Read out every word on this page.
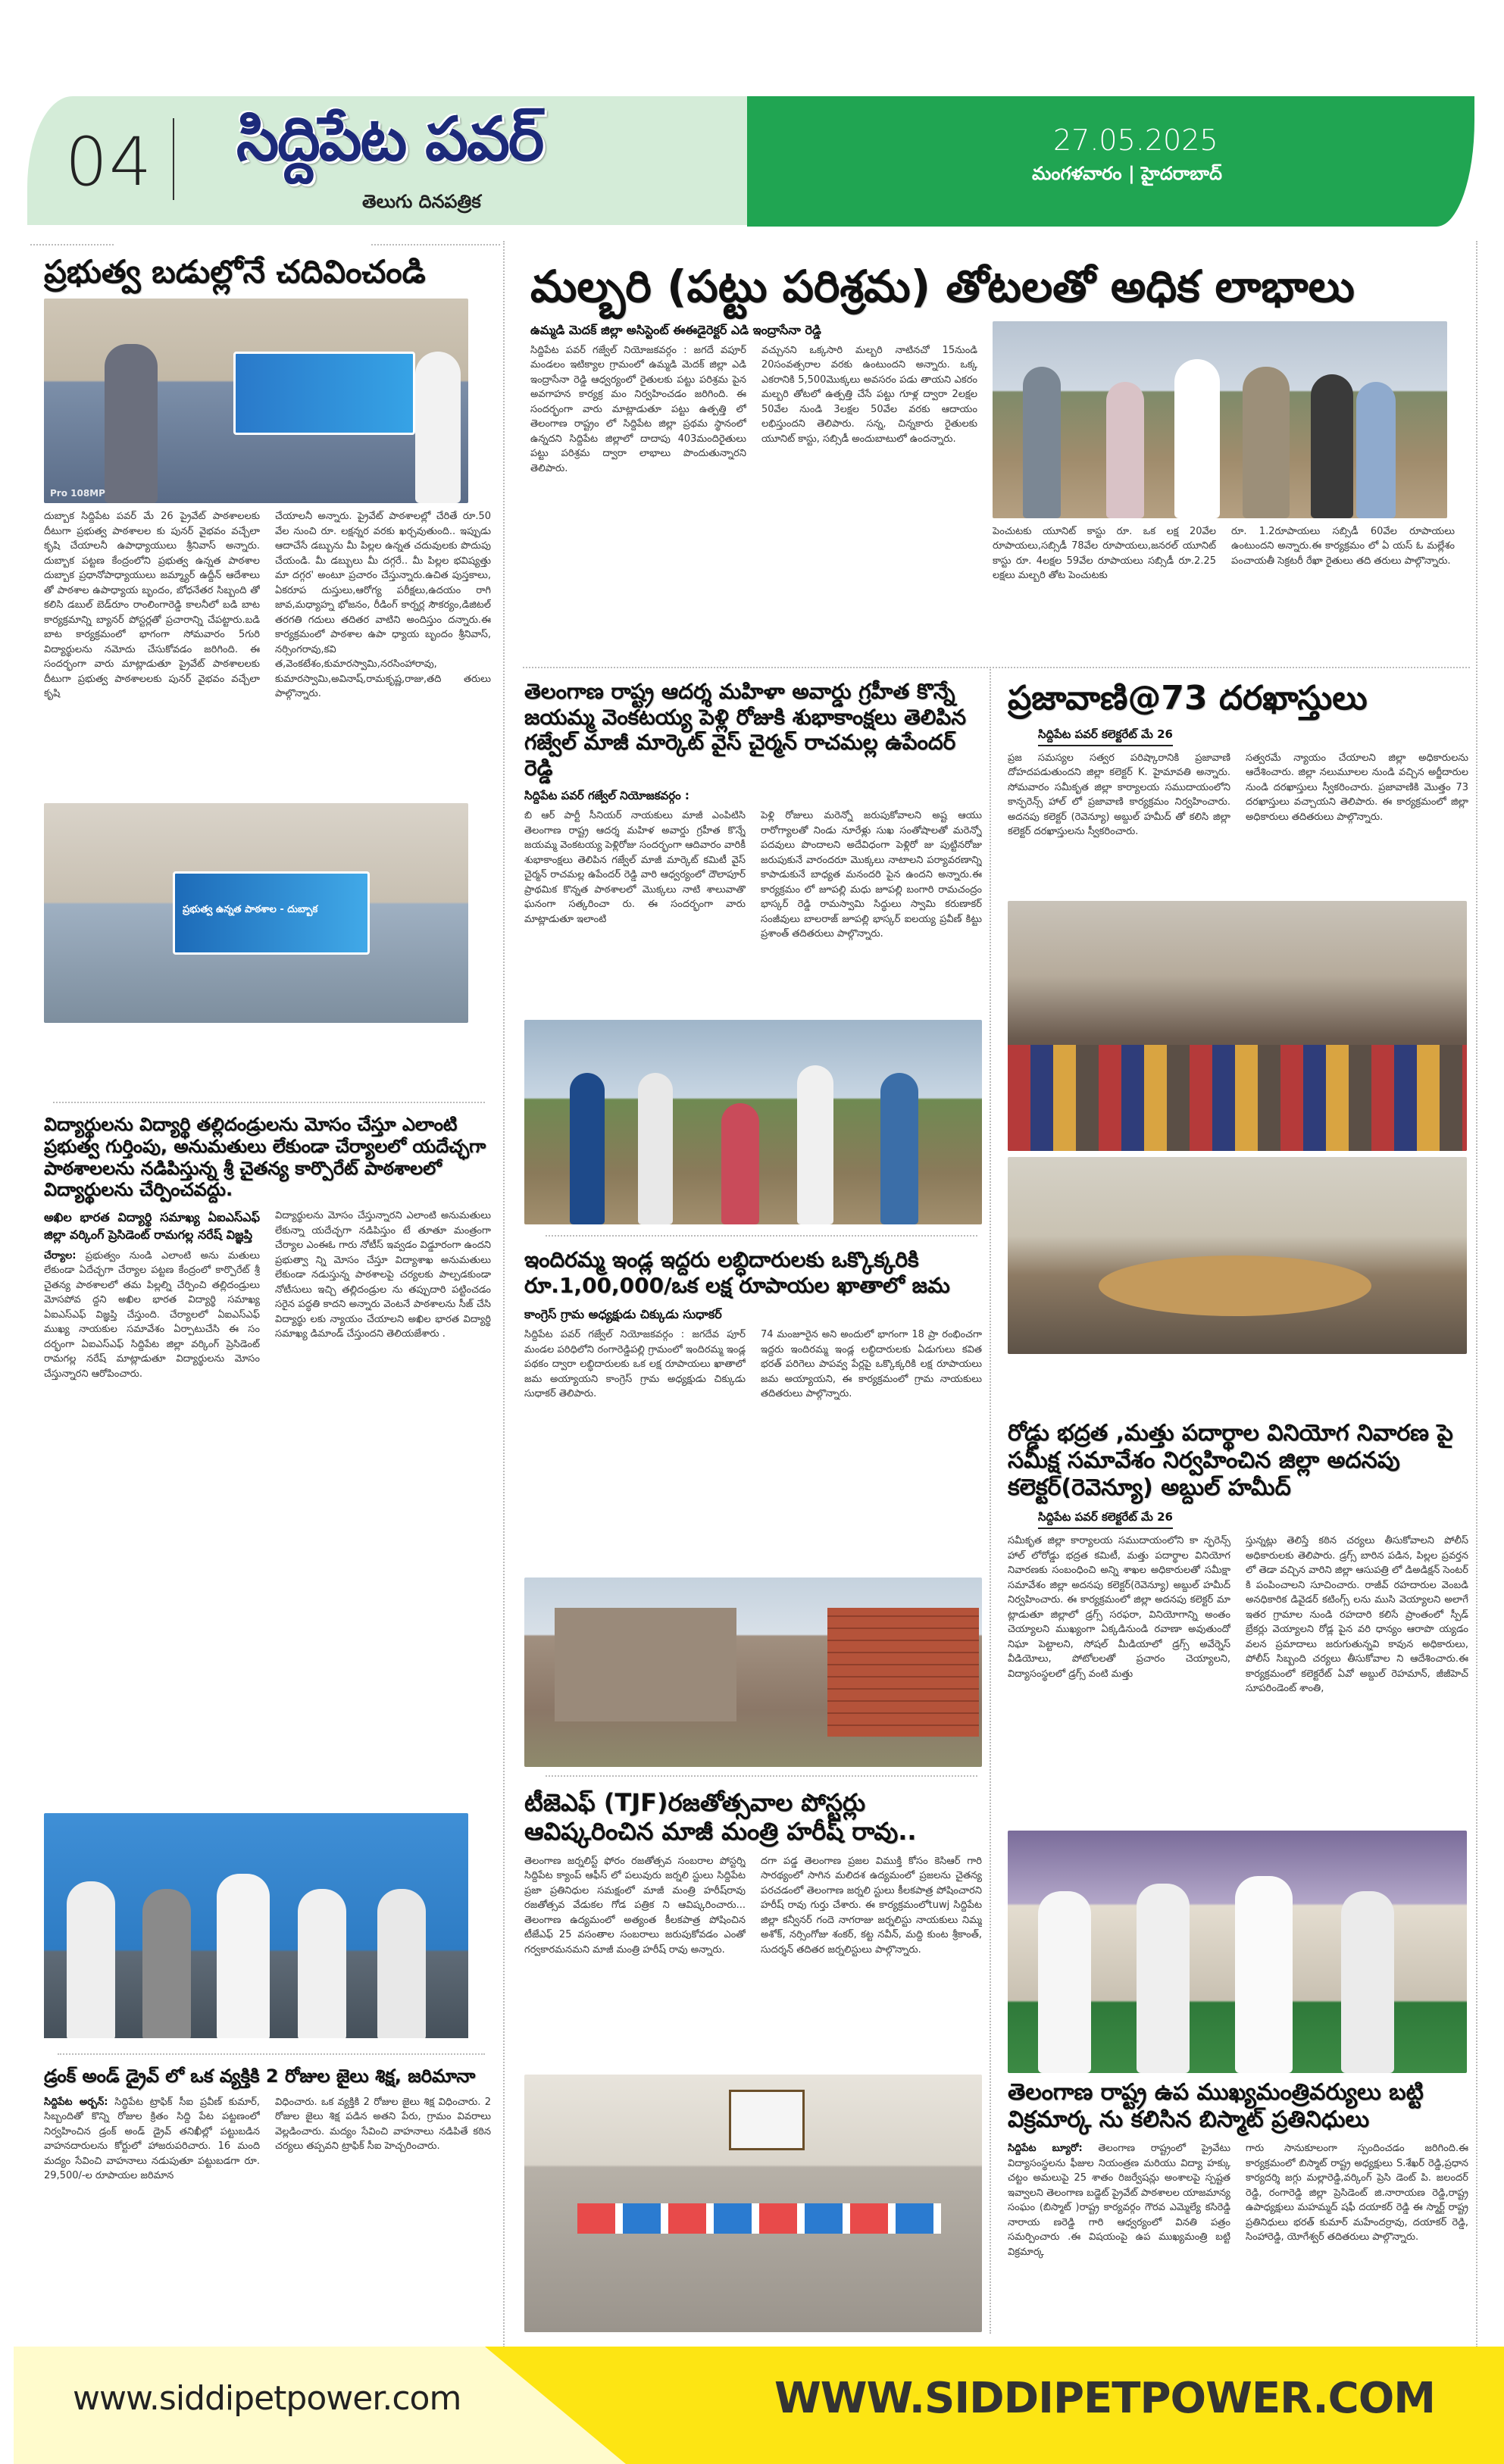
04 సిద్దిపేట పవర్
తెలుగు దినపత్రిక
27.05.2025
మంగళవారం | హైదరాబాద్
ప్రభుత్వ బడుల్లోనే చదివించండి
Pro 108MP
దుబ్బాక సిద్దిపేట పవర్ మే 26 ప్రైవేట్ పాఠశాలలకు దీటుగా ప్రభుత్వ పాఠశాలల కు పునర్ వైభవం వచ్చేలా కృషి చేయాలనీ ఉపాధ్యాయులు శ్రీనివాస్ అన్నారు. దుబ్బాక పట్టణ కేంద్రంలోని ప్రభుత్వ ఉన్నత పాఠశాల దుబ్బాక ప్రధానోపాధ్యాయులు జమ్మ్యార్ ఉద్దీన్ ఆదేశాలు తో పాఠశాల ఉపాధ్యాయ బృందం, బోధనేతర సిబ్బంది తో కలిసి డబుల్ బెడ్‌రూం రాంలింగారెడ్డి కాలనీలో బడి బాట కార్యక్రమాన్ని బ్యానర్ పోస్టర్లతో ప్రచారాన్ని చేపట్టారు.బడి బాట కార్యక్రమంలో భాగంగా సోమవారం 5గురి విద్యార్థులను నమోదు చేసుకోవడం జరిగింది. ఈ సందర్భంగా వారు మాట్లాడుతూ ప్రైవేట్ పాఠశాలలకు దీటుగా ప్రభుత్వ పాఠశాలలకు పునర్ వైభవం వచ్చేలా కృషి
చేయాలనీ అన్నారు. ప్రైవేట్ పాఠశాలల్లో చేరితే రూ.50 వేల నుంచి రూ. లక్షన్నర వరకు ఖర్చవుతుంది.. ఇప్పుడు ఆదాచేసే డబ్బును మీ పిల్లల ఉన్నత చదువులకు పొదుపు చేయండి. మీ డబ్బులు మీ దగ్గరే.. మీ పిల్లల భవిష్యత్తు మా దగ్గర' అంటూ ప్రచారం చేస్తున్నారు.ఉచిత పుస్తకాలు, ఏకరూప దుస్తులు,ఆరోగ్య పరీక్షలు,ఉదయం రాగి జావ,మధ్యాహ్న భోజనం, రీడింగ్ కార్నర్ల సౌకర్యం,డిజిటల్ తరగతి గదులు తదితర వాటిని అందిస్తుం దన్నారు.ఈ కార్యక్రమంలో పాఠశాల ఉపా ధ్యాయ బృందం శ్రీనివాస్, నర్సింగరావు,కవి త,వెంకటేశం,కుమారస్వామి,నరసింహారావు, కుమారస్వామి,అవినాష్,రామకృష్ణ,రాజు,తది తరులు పాల్గొన్నారు.
ప్రభుత్వ ఉన్నత పాఠశాల - దుబ్బాక
మల్బరి (పట్టు పరిశ్రమ) తోటలతో అధిక లాభాలు
ఉమ్మడి మెదక్ జిల్లా అసిస్టెంట్ ఈఈడైరెక్టర్ ఎడి ఇంద్రాసేనా రెడ్డి
సిద్దిపేట పవర్ గజ్వేల్ నియోజకవర్గం : జగదే వపూర్ మండలం ఇటిక్యాల గ్రామంలో ఉమ్మడి మెదక్ జిల్లా ఎడి ఇంద్రాసేనా రెడ్డి ఆధ్వర్యంలో రైతులకు పట్టు పరిశ్రమ పైన అవగాహన కార్యక్ర మం నిర్వహించడం జరిగింది. ఈ సందర్భంగా వారు మాట్లాడుతూ పట్టు ఉత్పత్తి లో తెలంగాణ రాష్ట్రం లో సిద్దిపేట జిల్లా ప్రథమ స్థానంలో ఉన్నదని సిద్దిపేట జిల్లాలో దాదాపు 403మందిరైతులు పట్టు పరిశ్రమ ద్వారా లాభాలు పొందుతున్నారని తెలిపారు.
వచ్చునని ఒక్కసారి మల్బరి నాటినచో 15నుండి 20సంవత్సరాల వరకు ఉంటుందని అన్నారు. ఒక్క ఎకరానికి 5,500మొక్కలు అవసరం పడు తాయని ఎకరం మల్బరి తోటలో ఉత్పత్తి చేసే పట్టు గూళ్ల ద్వారా 2లక్షల 50వేల నుండి 3లక్షల 50వేల వరకు ఆదాయం లభిస్తుందని తెలిపారు. సన్న, చిన్నకారు రైతులకు యూనిట్ కాస్టు, సబ్సిడీ అందుబాటులో ఉందన్నారు.
పెంచుటకు యూనిట్ కాస్టు రూ. ఒక లక్ష 20వేల రూపాయలు,సబ్సిడీ 78వేల రూపాయలు,జనరల్ యూనిట్ కాస్టు రూ. 4లక్షల 59వేల రూపాయలు సబ్సిడీ రూ.2.25 లక్షలు మల్బరి తోట పెంచుటకు
రూ. 1.2రూపాయలు సబ్సిడీ 60వేల రూపాయలు ఉంటుందని అన్నారు.ఈ కార్యక్రమం లో ఏ యస్ ఓ మల్లేశం పంచాయతీ సెక్రటరీ రేఖా రైతులు తది తరులు పాల్గొన్నారు.
తెలంగాణ రాష్ట్ర ఆదర్శ మహిళా అవార్డు గ్రహీత కొన్నే జయమ్మ వెంకటయ్య పెళ్లి రోజుకి శుభాకాంక్షలు తెలిపిన గజ్వేల్ మాజీ మార్కెట్ వైస్ చైర్మన్ రాచమల్ల ఉపేందర్ రెడ్డి
సిద్దిపేట పవర్ గజ్వేల్ నియోజకవర్గం :
బి ఆర్ పార్టీ సీనియర్ నాయకులు మాజీ ఎంపిటిసి తెలంగాణ రాష్ట్ర ఆదర్శ మహిళ అవార్డు గ్రహీత కొన్నే జయమ్మ వెంకటయ్య పెళ్లిరోజు సందర్భంగా ఆదివారం వారికీ శుభాకాంక్షలు తెలిపిన గజ్వేల్ మాజీ మార్కెట్ కమిటీ వైస్ చైర్మన్ రాచమల్ల ఉపేందర్ రెడ్డి వారి ఆధ్వర్యంలో దౌలాపూర్ ప్రాథమిక కొన్నత పాఠశాలలో మొక్కలు నాటి శాలువాతొ ఘనంగా సత్కరించా రు. ఈ సందర్భంగా వారు మాట్లాడుతూ ఇలాంటి
పెళ్లి రోజులు మరెన్నో జరుపుకోవాలని అష్ట ఆయు రారోగ్యాలతో నిండు నూరేళ్లు సుఖ సంతోషాలతో మరెన్నో పదవులు పొందాలని అదేవిధంగా పెళ్లిరో జు పుట్టినరోజు జరుపుకునే వారందరూ మొక్కలు నాటాలని పర్యావరణాన్ని కాపాడుకునే బాధ్యత మనందరి పైన ఉందని అన్నారు.ఈ కార్యక్రమం లో జూపల్లి మధు జూపల్లి బంగారి రామచంద్రం భాస్కర్ రెడ్డి రామస్వామి సిద్ధులు స్వామి కరుణాకర్ సంజీవులు బాలరాజ్ జూపల్లి భాస్కర్ ఐలయ్య ప్రవీణ్ కిట్టు ప్రశాంత్ తదితరులు పాల్గొన్నారు.
ప్రజావాణి@73 దరఖాస్తులు
సిద్దిపేట పవర్ కలెక్టరేట్ మే 26
ప్రజ సమస్యల సత్వర పరిష్కారానికి ప్రజావాణి దోహదపడుతుందని జిల్లా కలెక్టర్ K. హైమావతి అన్నారు. సోమవారం సమీకృత జిల్లా కార్యాలయ సముదాయంలోని కాన్ఫరెన్స్ హాల్ లో ప్రజావాణి కార్యక్రమం నిర్వహించారు. అదనపు కలెక్టర్ (రెవెన్యూ) అబ్దుల్ హమీద్ తో కలిసి జిల్లా కలెక్టర్ దరఖాస్తులను స్వీకరించారు.
సత్వరమే న్యాయం చేయాలని జిల్లా అధికారులను ఆదేశించారు. జిల్లా నలుమూలల నుండి వచ్చిన అర్జీదారుల నుండి దరఖాస్తులు స్వీకరించారు. ప్రజావాణికి మొత్తం 73 దరఖాస్తులు వచ్చాయని తెలిపారు. ఈ కార్యక్రమంలో జిల్లా అధికారులు తదితరులు పాల్గొన్నారు.
విద్యార్థులను విద్యార్థి తల్లిదండ్రులను మోసం చేస్తూ ఎలాంటి ప్రభుత్వ గుర్తింపు, అనుమతులు లేకుండా చేర్యాలలో యదేచ్ఛగా పాఠశాలలను నడిపిస్తున్న శ్రీ చైతన్య కార్పొరేట్ పాఠశాలలో విద్యార్థులను చేర్పించవద్దు.
అఖిల భారత విద్యార్థి సమాఖ్య ఏఐఎస్ఎఫ్ జిల్లా వర్కింగ్ ప్రెసిడెంట్ రామగల్ల నరేష్ విజ్ఞప్తి
చేర్యాల: ప్రభుత్వం నుండి ఎలాంటి అను మతులు లేకుండా ఏదేచ్ఛగా చేర్యాల పట్టణ కేంద్రంలో కార్పొరేట్ శ్రీ చైతన్య పాఠశాలలో తమ పిల్లల్ని చేర్పించి తల్లిదండ్రులు మోసపోవ ద్దని అఖిల భారత విద్యార్థి సమాఖ్య ఏఐఎస్ఎఫ్ విజ్ఞప్తి చేస్తుంది. చేర్యాలలో ఏఐఎస్ఎఫ్ ముఖ్య నాయకుల సమావేశం ఏర్పాటుచేసి ఈ సం దర్భంగా ఏఐఎస్ఎఫ్ సిద్దిపేట జిల్లా వర్కింగ్ ప్రెసిడెంట్ రామగల్ల నరేష్ మాట్లాడుతూ విద్యార్థులను మోసం చేస్తున్నారని ఆరోపించారు.
విద్యార్థులను మోసం చేస్తున్నారని ఎలాంటి అనుమతులు లేకున్నా యదేచ్ఛగా నడిపిస్తుం టే తూతూ మంత్రంగా చేర్యాల ఎంఈఓ గారు నోటీస్ ఇవ్వడం విడ్డూరంగా ఉందని ప్రభుత్వా న్ని మోసం చేస్తూ విద్యాశాఖ అనుమతులు లేకుండా నడుస్తున్న పాఠశాలపై చర్యలకు పాల్పడకుండా నోటీసులు ఇచ్చి తల్లిదండ్రుల ను తప్పుదారి పట్టించడం సరైన పద్ధతి కాదని అన్నారు వెంటనే పాఠశాలను సీజ్ చేసి విద్యార్థు లకు న్యాయం చేయాలని అఖిల భారత విద్యార్థి సమాఖ్య డిమాండ్ చేస్తుందని తెలియజేశారు .
ఇందిరమ్మ ఇండ్ల ఇద్దరు లబ్ధిదారులకు ఒక్కొక్కరికి రూ.1,00,000/ఒక లక్ష రూపాయల ఖాతాలో జమ
కాంగ్రెస్ గ్రామ అధ్యక్షుడు చిక్కుడు సుధాకర్
సిద్దిపేట పవర్ గజ్వేల్ నియోజకవర్గం : జగదేవ పూర్ మండల పరిధిలోని రంగారెడ్డిపల్లి గ్రామంలో ఇందిరమ్మ ఇండ్ల పథకం ద్వారా లబ్ధిదారులకు ఒక లక్ష రూపాయలు ఖాతాలో జమ అయ్యాయని కాంగ్రెస్ గ్రామ అధ్యక్షుడు చిక్కుడు సుధాకర్ తెలిపారు.
74 మంజూరైన అని అందులో భాగంగా 18 ప్రా రంభించగా ఇద్దరు ఇందిరమ్మ ఇండ్ల లబ్ధిదారులకు ఏడుగులు కవిత భరత్ పరిగెలు పాపవ్వ పేర్లపై ఒక్కొక్కరికి లక్ష రూపాయలు జమ అయ్యాయని, ఈ కార్యక్రమంలో గ్రామ నాయకులు తదితరులు పాల్గొన్నారు.
రోడ్డు భద్రత ,మత్తు పదార్థాల వినియోగ నివారణ పై సమీక్ష సమావేశం నిర్వహించిన జిల్లా అదనపు కలెక్టర్(రెవెన్యూ) అబ్దుల్ హమీద్
సిద్దిపేట పవర్ కలెక్టరేట్ మే 26
సమీకృత జిల్లా కార్యాలయ సముదాయంలోని కా న్ఫరెన్స్ హాల్ లోరోడ్డు భద్రత కమిటీ, మత్తు పదార్థాల వినియోగ నివారణకు సంబంధించి అన్ని శాఖల అధికారులతో సమీక్షా సమావేశం జిల్లా అదనపు కలెక్టర్(రెవెన్యూ) అబ్దుల్ హమీద్ నిర్వహించారు. ఈ కార్యక్రమంలో జిల్లా అదనపు కలెక్టర్ మా ట్లాడుతూ జిల్లాలో డ్రగ్స్ సరఫరా, వినియోగాన్ని అంతం చెయ్యాలని ముఖ్యంగా ఏక్కడినుండి రవాణా అవుతుందో నిఘా పెట్టాలని, సోషల్ మీడియాలో డ్రగ్స్ అవేర్నెస్ వీడియోలు, పోటోలలతో ప్రచారం చెయ్యాలని, విద్యాసంస్థలలో డ్రగ్స్ వంటి మత్తు
స్తున్నట్లు తెలిస్తే కఠిన చర్యలు తీసుకోవాలని పోలీస్ అధికారులకు తెలిపారు. డ్రగ్స్ బారిన పడిన, పిల్లల ప్రవర్తన లో తెడా వచ్చిన వారిని జిల్లా ఆసుపత్రి లో డిఅడిక్షన్ సెంటర్ కి పంపించాలని సూచించారు. రాజీవ్ రహదారుల వెంబడి అనధికారిక డివైడర్ కటింగ్స్ లను ముసి వెయ్యాలని అలాగే ఇతర గ్రామాల నుండి రహదారి కలిసే ప్రాంతంలో స్పీడ్ బ్రేకర్లు వెయ్యాలని రోడ్ల పైన వరి ధాన్యం ఆరాపొ య్యడం వలన ప్రమాదాలు జరుగుతున్నవి కావున అధికారులు, పోలీస్ సిబ్బంది చర్యలు తీసుకోవాల ని ఆదేశించారు.ఈ కార్యక్రమంలో కలెక్టరేట్ ఏవో అబ్దుల్ రెహమాన్, జీజీహెచ్ సూపరిండెంట్ శాంతి,
టీజెఎఫ్ (TJF)రజతోత్సవాల పోస్టర్లు ఆవిష్కరించిన మాజీ మంత్రి హరీష్ రావు..
తెలంగాణ జర్నలిస్ట్ ఫోరం రజతోత్సవ సంబరాల పోస్టర్ని సిద్దిపేట క్యాంప్ ఆఫీస్ లో పలువురు జర్నలి స్టులు సిద్దిపేట ప్రజా ప్రతినిధుల సమక్షంలో మాజీ మంత్రి హరీష్‌రావు రజతోత్సవ వేడుకల గోడ పత్రిక ని ఆవిష్కరించారు... తెలంగాణ ఉద్యమంలో అత్యంత కీలకపాత్ర పోషించిన టీజేఎఫ్ 25 వసంతాల సంబరాలు జరుపుకోవడం ఎంతో గర్వకారమనమని మాజీ మంత్రి హరీష్ రావు అన్నారు.
దగా పడ్డ తెలంగాణ ప్రజల విముక్తి కోసం కెసిఆర్ గారి సారథ్యంలో సాగిన మలిదశ ఉద్యమంలో ప్రజలను చైతన్య పరచడంలో తెలంగాణ జర్నలి స్టులు కీలకపాత్ర పోషించారని హరీష్ రావు గుర్తు చేశారు. ఈ కార్యక్రమంలోtuwj సిద్దిపేట జిల్లా కన్వీనర్ గందె నాగరాజు జర్నలిస్టు నాయకులు నిమ్మ అశోక్, నర్సింగోజు శంకర్, కట్ట నవీన్, మద్ది కుంట శ్రీకాంత్, సుదర్శన్ తదితర జర్నలిస్టులు పాల్గొన్నారు.
డ్రంక్ అండ్ డ్రైవ్ లో ఒక వ్యక్తికి 2 రోజుల జైలు శిక్ష, జరిమానా
సిద్దిపేట అర్బన్: సిద్ధిపేట ట్రాఫిక్ సీఐ ప్రవీణ్ కుమార్, సిబ్బందితో కొన్ని రోజుల క్రితం సిద్ది పేట పట్టణంలో నిర్వహించిన డ్రంక్ అండ్ డ్రైవ్ తనిఖీల్లో పట్టుబడిన వాహనదారులను కోర్టులో హాజరుపరిచారు. 16 మంది మద్యం సేవించి వాహనాలు నడుపుతూ పట్టుబడగా రూ. 29,500/-ల రూపాయల జరిమాన
విధించారు. ఒక వ్యక్తికి 2 రోజుల జైలు శిక్ష విధించారు. 2 రోజుల జైలు శిక్ష పడిన అతని పేరు, గ్రామం వివరాలు వెల్లడించారు. మద్యం సేవించి వాహనాలు నడిపితే కఠిన చర్యలు తప్పవని ట్రాఫిక్ సీఐ హెచ్చరించారు.
తెలంగాణ రాష్ట్ర ఉప ముఖ్యమంత్రివర్యులు బట్టి విక్రమార్క ను కలిసిన బిస్మాట్ ప్రతినిధులు
సిద్దిపేట బ్యూరో: తెలంగాణ రాష్ట్రంలో ప్రైవేటు విద్యాసంస్థలను ఫీజుల నియంత్రణ మరియు విద్యా హక్కు చట్టం అమలుపై 25 శాతం రిజర్వేషన్లు అంశాలపై స్పష్టత ఇవ్వాలని తెలంగాణ బడ్జెట్ ప్రైవేట్ పాఠశాలల యాజమాన్య సంఘం (బిస్మాట్ )రాష్ట్ర కార్యవర్గం గౌరవ ఎమ్మెల్యే కసిరెడ్డి నారాయ ణరెడ్డి గారి ఆధ్వర్యంలో వినతి పత్రం సమర్పించారు .ఈ విషయంపై ఉప ముఖ్యమంత్రి బట్టి విక్రమార్క
గారు సానుకూలంగా స్పందించడం జరిగింది.ఈ కార్యక్రమంలో బిస్మాట్ రాష్ట్ర అధ్యక్షులు S.శేఖర్ రెడ్డి,ప్రధాన కార్యదర్శి జగ్గు మల్లారెడ్డి,వర్కింగ్ ప్రెసి డెంట్ పి. జలందర్ రెడ్డి, రంగారెడ్డి జిల్లా ప్రెసిడెంట్ జి.నారాయణ రెడ్డి,రాష్ట్ర ఉపాధ్యక్షులు మహమ్మద్ షఫీ దయాకర్ రెడ్డి ఈ స్మార్ట్ రాష్ట్ర ప్రతినిధులు భరత్ కుమార్ మహేందర్రావు, దయాకర్ రెడ్డి, సింహారెడ్డి, యోగేశ్వర్ తదితరులు పాల్గొన్నారు.
www.siddipetpower.com	WWW.SIDDIPETPOWER.COM
